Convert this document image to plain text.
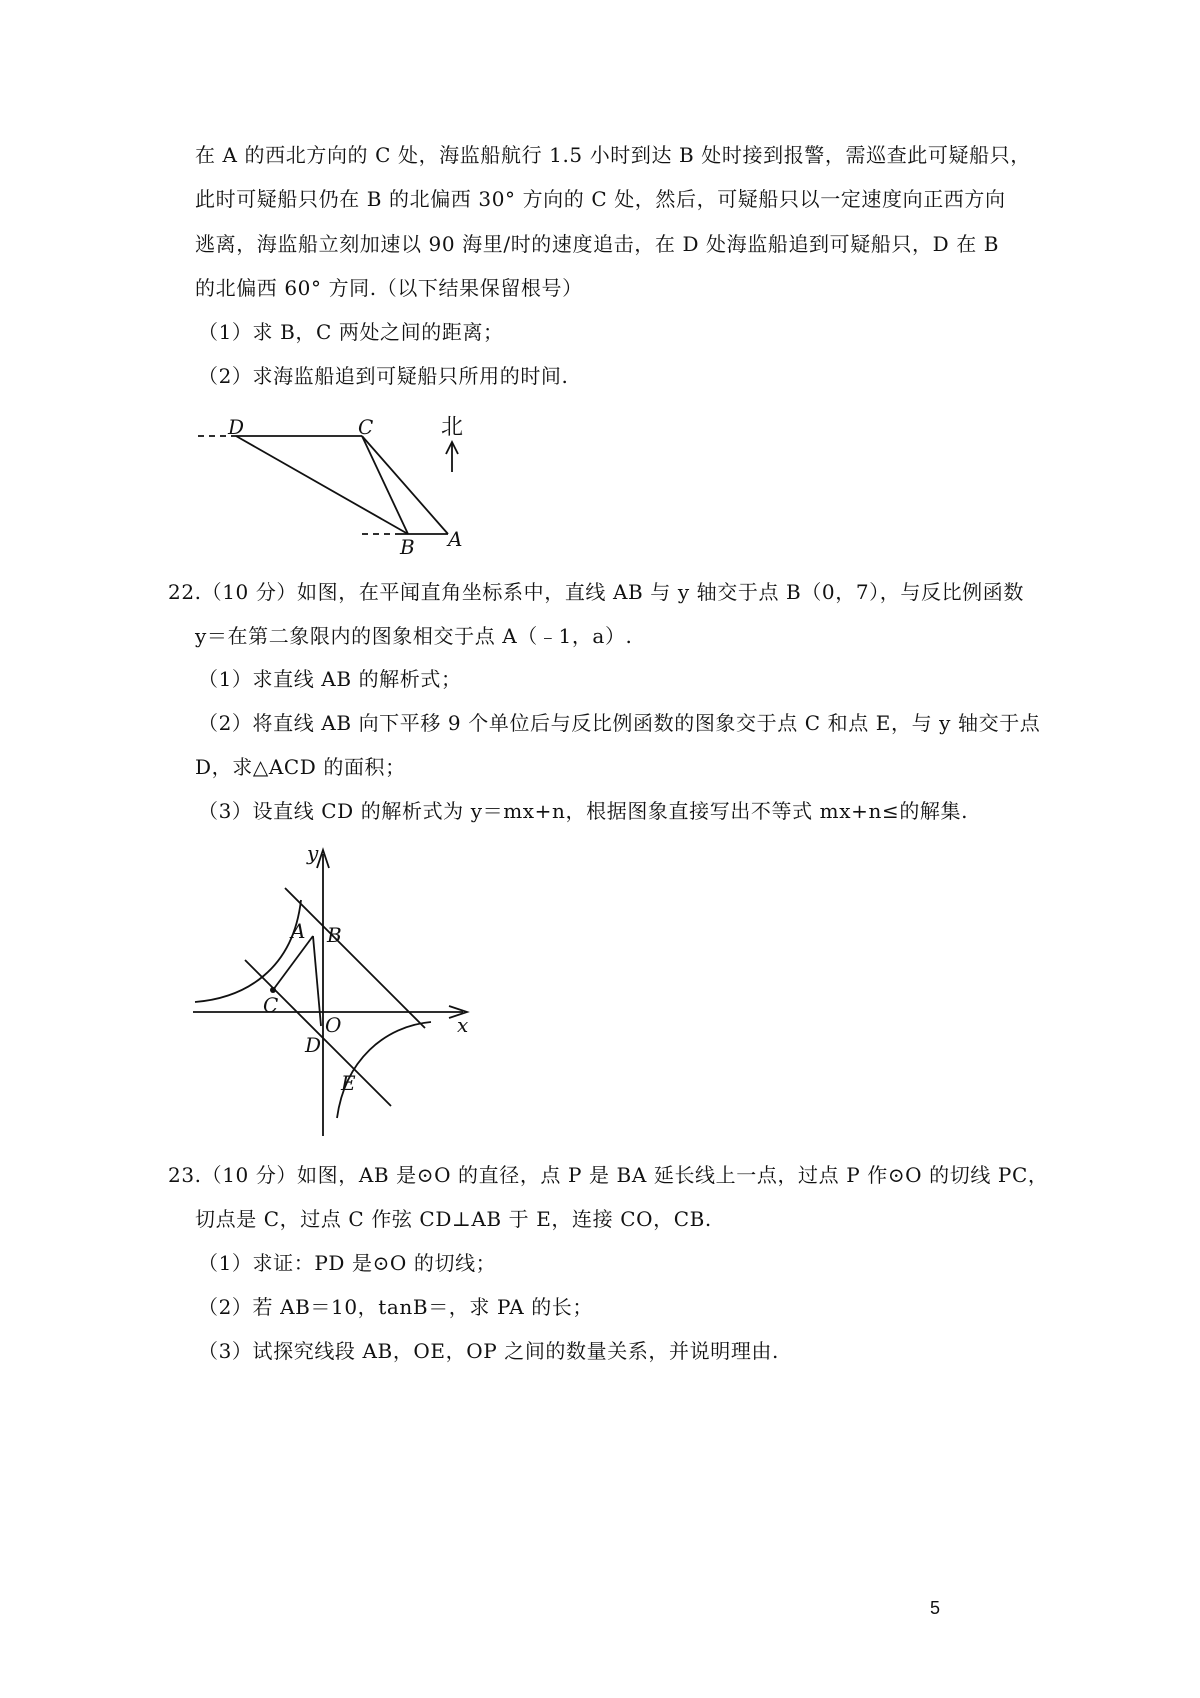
在 A 的西北方向的 C 处，海监船航行 1.5 小时到达 B 处时接到报警，需巡查此可疑船只，
此时可疑船只仍在 B 的北偏西 30° 方向的 C 处，然后，可疑船只以一定速度向正西方向
逃离，海监船立刻加速以 90 海里/时的速度追击，在 D 处海监船追到可疑船只，D 在 B
的北偏西 60° 方同.（以下结果保留根号）
（1）求 B，C 两处之间的距离；
（2）求海监船追到可疑船只所用的时间.
北
D	C
B A
22.（10 分）如图，在平闻直角坐标系中，直线 AB 与 y 轴交于点 B（0，7），与反比例函数
y＝在第二象限内的图象相交于点 A（﹣1，a）.
（1）求直线 AB 的解析式；
（2）将直线 AB 向下平移 9 个单位后与反比例函数的图象交于点 C 和点 E，与 y 轴交于点
D，求△ACD 的面积；
（3）设直线 CD 的解析式为 y＝mx+n，根据图象直接写出不等式 mx+n≤的解集.
y
x
A B
C
O
D
E
23.（10 分）如图，AB 是⊙O 的直径，点 P 是 BA 延长线上一点，过点 P 作⊙O 的切线 PC，
切点是 C，过点 C 作弦 CD⊥AB 于 E，连接 CO，CB.
（1）求证：PD 是⊙O 的切线；
（2）若 AB＝10，tanB＝，求 PA 的长；
（3）试探究线段 AB，OE，OP 之间的数量关系，并说明理由.
5
